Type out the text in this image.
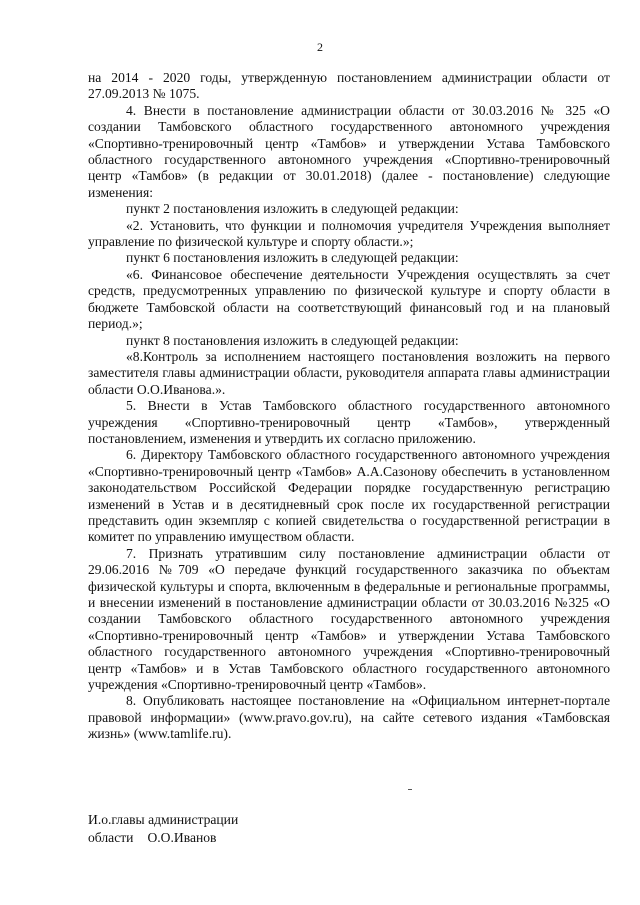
2

на 2014 - 2020 годы, утвержденную постановлением администрации области от 27.09.2013 № 1075.

4. Внести в постановление администрации области от 30.03.2016 № 325 «О создании Тамбовского областного государственного автономного учреждения «Спортивно-тренировочный центр «Тамбов» и утверждении Устава Тамбовского областного государственного автономного учреждения «Спортивно-тренировочный центр «Тамбов» (в редакции от 30.01.2018) (далее - постановление) следующие изменения:

пункт 2 постановления изложить в следующей редакции:

«2. Установить, что функции и полномочия учредителя Учреждения выполняет управление по физической культуре и спорту области.»;

пункт 6 постановления изложить в следующей редакции:

«6. Финансовое обеспечение деятельности Учреждения осуществлять за счет средств, предусмотренных управлению по физической культуре и спорту области в бюджете Тамбовской области на соответствующий финансовый год и на плановый период.»;

пункт 8 постановления изложить в следующей редакции:

«8.Контроль за исполнением настоящего постановления возложить на первого заместителя главы администрации области, руководителя аппарата главы администрации области О.О.Иванова.».

5. Внести в Устав Тамбовского областного государственного автономного учреждения «Спортивно-тренировочный центр «Тамбов», утвержденный постановлением, изменения и утвердить их согласно приложению.

6. Директору Тамбовского областного государственного автономного учреждения «Спортивно-тренировочный центр «Тамбов» А.А.Сазонову обеспечить в установленном законодательством Российской Федерации порядке государственную регистрацию изменений в Устав и в десятидневный срок после их государственной регистрации представить один экземпляр с копией свидетельства о государственной регистрации в комитет по управлению имуществом области.

7. Признать утратившим силу постановление администрации области от 29.06.2016 №709 «О передаче функций государственного заказчика по объектам физической культуры и спорта, включенным в федеральные и региональные программы, и внесении изменений в постановление администрации области от 30.03.2016 №325 «О создании Тамбовского областного государственного автономного учреждения «Спортивно-тренировочный центр «Тамбов» и утверждении Устава Тамбовского областного государственного автономного учреждения «Спортивно-тренировочный центр «Тамбов» и в Устав Тамбовского областного государственного автономного учреждения «Спортивно-тренировочный центр «Тамбов».

8. Опубликовать настоящее постановление на «Официальном интернет-портале правовой информации» (www.pravo.gov.ru), на сайте сетевого издания «Тамбовская жизнь» (www.tamlife.ru).

И.о.главы администрации
области О.О.Иванов
